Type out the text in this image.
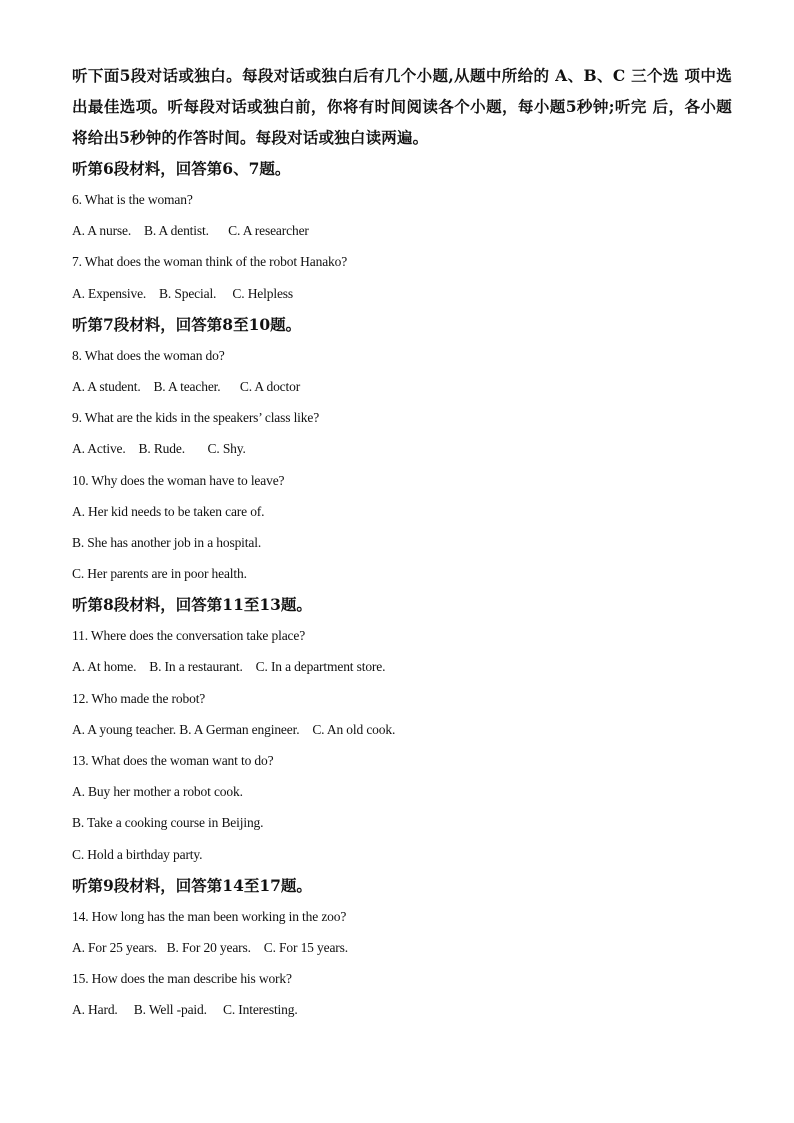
听下面5段对话或独白。每段对话或独白后有几个小题,从题中所给的 A、B、C 三个选 项中选出最佳选项。听每段对话或独白前，你将有时间阅读各个小题，每小题5秒钟;听完 后，各小题将给出5秒钟的作答时间。每段对话或独白读两遍。

听第6段材料，回答第6、7题。

6. What is the woman?

A. A nurse.    B. A dentist.      C. A researcher

7. What does the woman think of the robot Hanako?

A. Expensive.    B. Special.     C. Helpless

听第7段材料，回答第8至10题。

8. What does the woman do?

A. A student.    B. A teacher.      C. A doctor

9. What are the kids in the speakers’ class like?

A. Active.    B. Rude.       C. Shy.

10. Why does the woman have to leave?

A. Her kid needs to be taken care of.

B. She has another job in a hospital.

C. Her parents are in poor health.

听第8段材料，回答第11至13题。

11. Where does the conversation take place?

A. At home.    B. In a restaurant.    C. In a department store.

12. Who made the robot?

A. A young teacher. B. A German engineer.    C. An old cook.

13. What does the woman want to do?

A. Buy her mother a robot cook.

B. Take a cooking course in Beijing.

C. Hold a birthday party.

听第9段材料，回答第14至17题。

14. How long has the man been working in the zoo?

A. For 25 years.   B. For 20 years.    C. For 15 years.

15. How does the man describe his work?

A. Hard.     B. Well -paid.     C. Interesting.
